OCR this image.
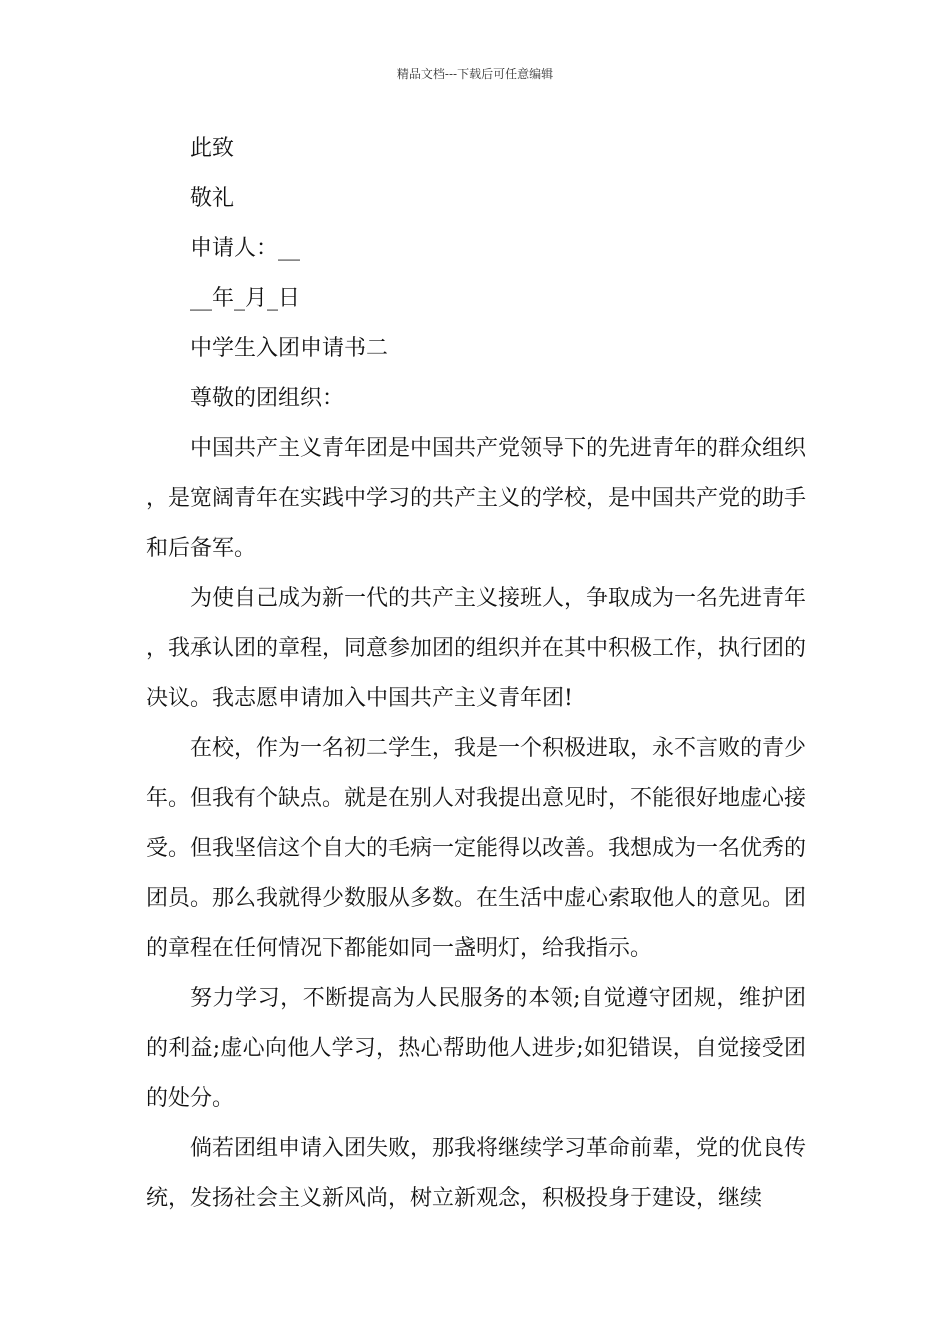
精品文档---下载后可任意编辑

此致

敬礼

申请人：__

__年_月_日

中学生入团申请书二

尊敬的团组织：

中国共产主义青年团是中国共产党领导下的先进青年的群众组织，是宽阔青年在实践中学习的共产主义的学校，是中国共产党的助手和后备军。

为使自己成为新一代的共产主义接班人，争取成为一名先进青年，我承认团的章程，同意参加团的组织并在其中积极工作，执行团的决议。我志愿申请加入中国共产主义青年团!

在校，作为一名初二学生，我是一个积极进取，永不言败的青少年。但我有个缺点。就是在别人对我提出意见时，不能很好地虚心接受。但我坚信这个自大的毛病一定能得以改善。我想成为一名优秀的团员。那么我就得少数服从多数。在生活中虚心索取他人的意见。团的章程在任何情况下都能如同一盏明灯，给我指示。

努力学习，不断提高为人民服务的本领;自觉遵守团规，维护团的利益;虚心向他人学习，热心帮助他人进步;如犯错误，自觉接受团的处分。

倘若团组申请入团失败，那我将继续学习革命前辈，党的优良传统，发扬社会主义新风尚，树立新观念，积极投身于建设，继续
